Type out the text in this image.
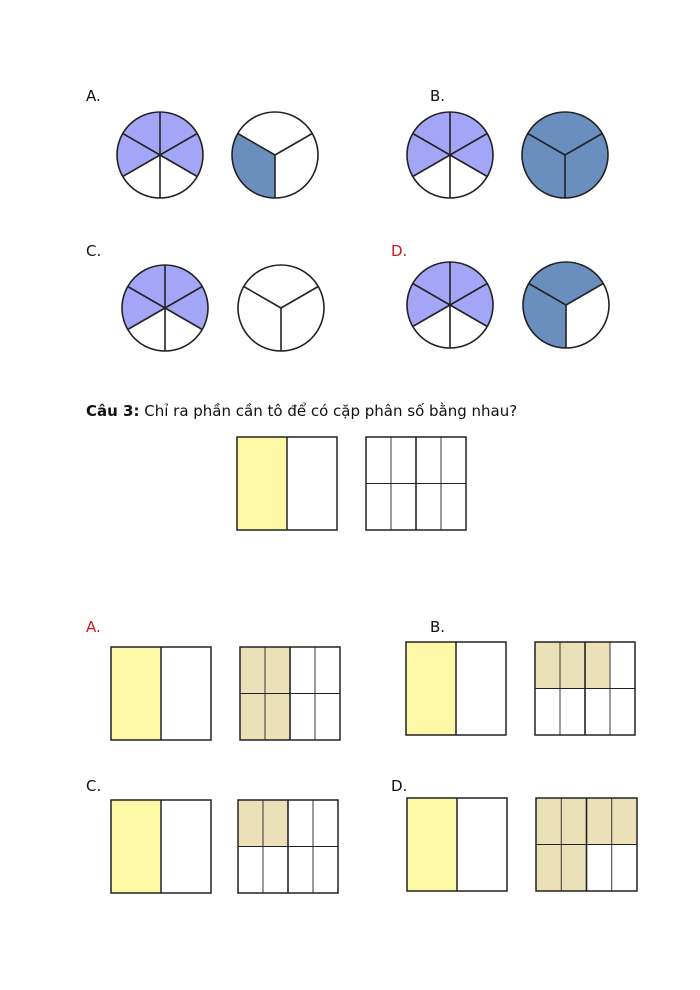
A.	B.
C.	D.
Câu 3: Chỉ ra phần cần tô để có cặp phân số bằng nhau?
A.	B.
C.	D.
